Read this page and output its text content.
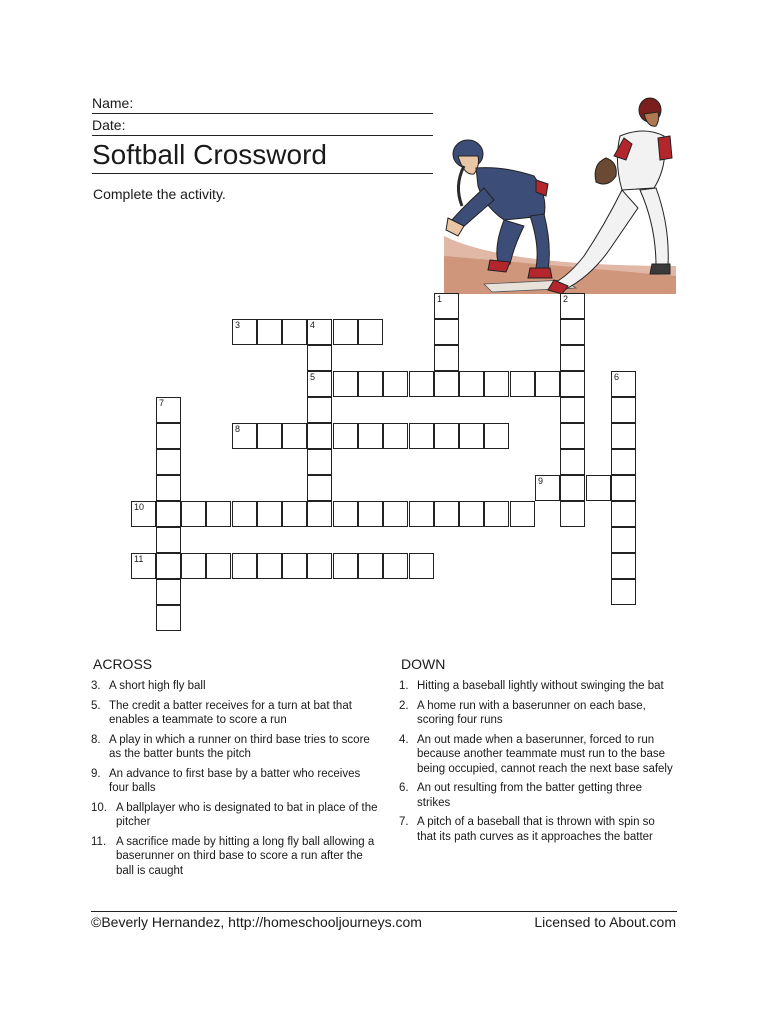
Name:
Date:
Softball Crossword
Complete the activity.
1	2
3	4
5	6
7
8
9
10
11
ACROSS	DOWN
3. A short high fly ball
5. The credit a batter receives for a turn at bat that enables a teammate to score a run
8. A play in which a runner on third base tries to score as the batter bunts the pitch
9. An advance to first base by a batter who receives four balls
10. A ballplayer who is designated to bat in place of the pitcher
11. A sacrifice made by hitting a long fly ball allowing a baserunner on third base to score a run after the ball is caught
1. Hitting a baseball lightly without swinging the bat
2. A home run with a baserunner on each base, scoring four runs
4. An out made when a baserunner, forced to run because another teammate must run to the base being occupied, cannot reach the next base safely
6. An out resulting from the batter getting three strikes
7. A pitch of a baseball that is thrown with spin so that its path curves as it approaches the batter
©Beverly Hernandez, http://homeschooljourneys.com	Licensed to About.com
